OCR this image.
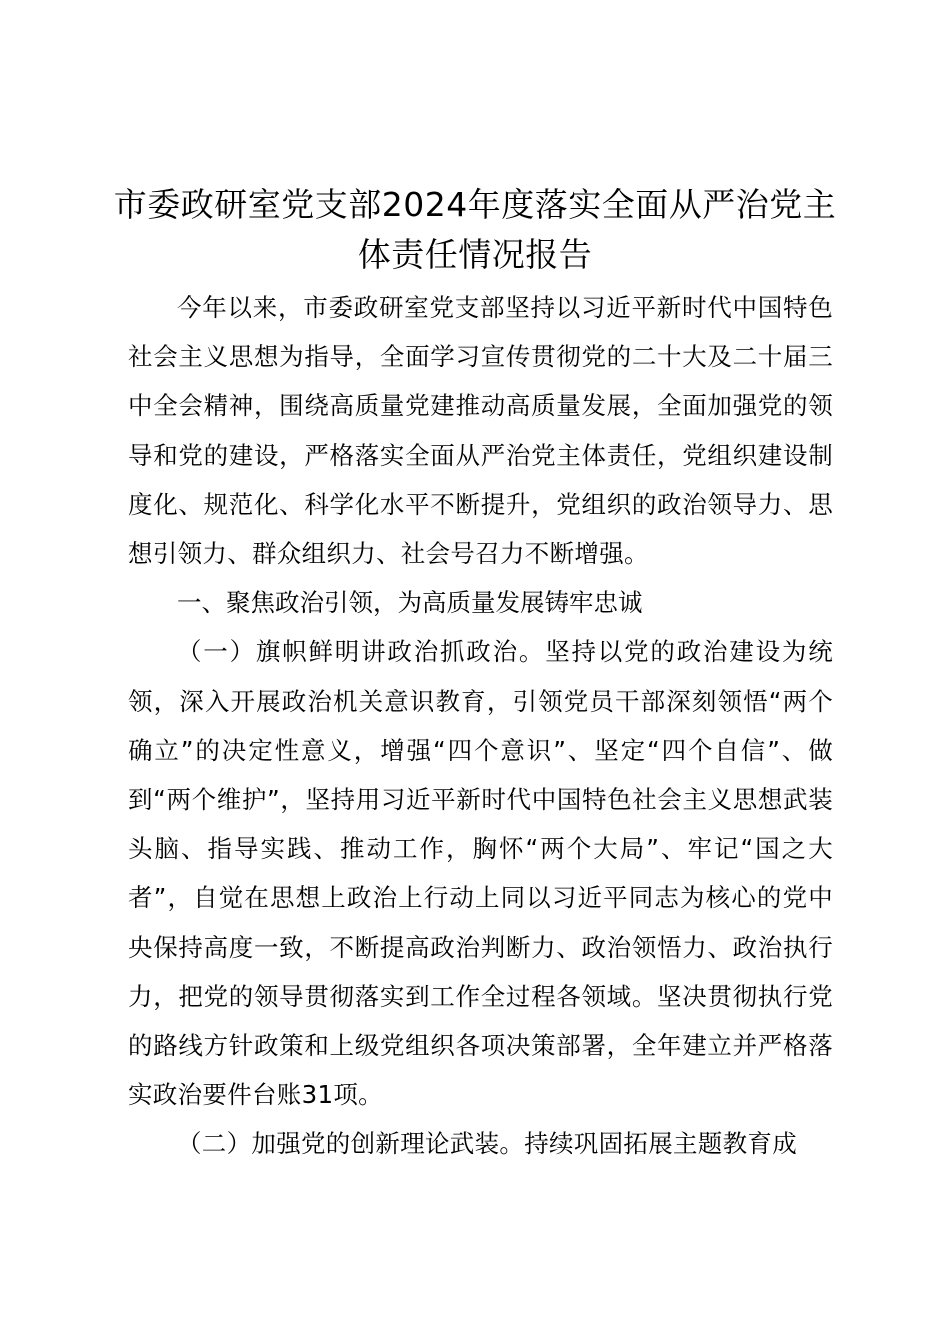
市委政研室党支部2024年度落实全面从严治党主体责任情况报告

今年以来，市委政研室党支部坚持以习近平新时代中国特色社会主义思想为指导，全面学习宣传贯彻党的二十大及二十届三中全会精神，围绕高质量党建推动高质量发展，全面加强党的领导和党的建设，严格落实全面从严治党主体责任，党组织建设制度化、规范化、科学化水平不断提升，党组织的政治领导力、思想引领力、群众组织力、社会号召力不断增强。

一、聚焦政治引领，为高质量发展铸牢忠诚

（一）旗帜鲜明讲政治抓政治。坚持以党的政治建设为统领，深入开展政治机关意识教育，引领党员干部深刻领悟“两个确立”的决定性意义，增强“四个意识”、坚定“四个自信”、做到“两个维护”，坚持用习近平新时代中国特色社会主义思想武装头脑、指导实践、推动工作，胸怀“两个大局”、牢记“国之大者”，自觉在思想上政治上行动上同以习近平同志为核心的党中央保持高度一致，不断提高政治判断力、政治领悟力、政治执行力，把党的领导贯彻落实到工作全过程各领域。坚决贯彻执行党的路线方针政策和上级党组织各项决策部署，全年建立并严格落实政治要件台账31项。

（二）加强党的创新理论武装。持续巩固拓展主题教育成
